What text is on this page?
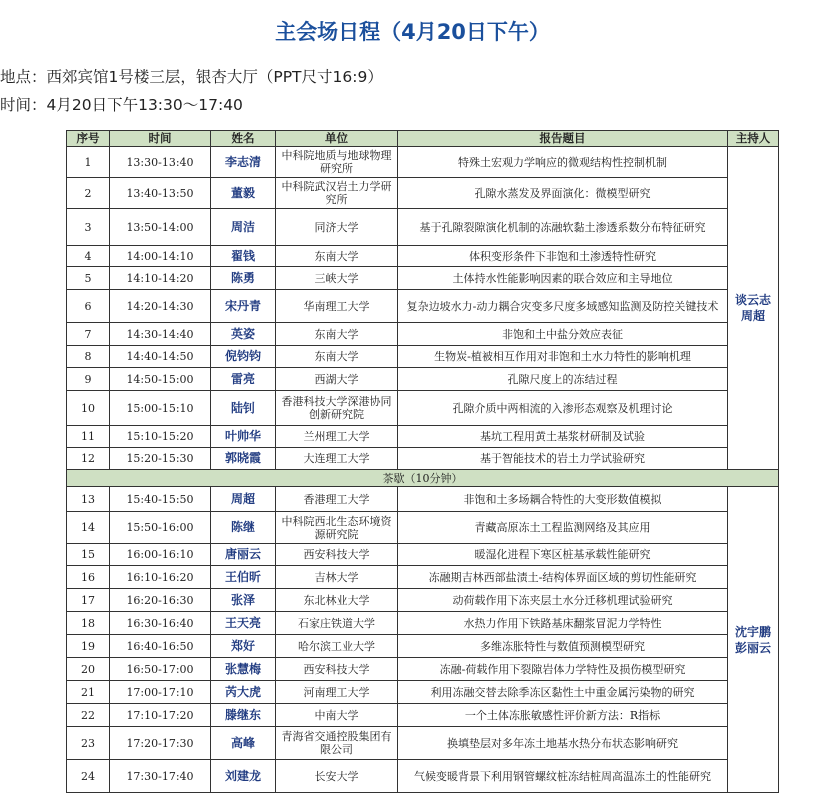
主会场日程（4月20日下午）
地点：西郊宾馆1号楼三层，银杏大厅（PPT尺寸16:9）
时间：4月20日下午13:30～17:40
序号	时间	姓名	单位	报告题目	主持人
1	13:30-13:40	李志清	中科院地质与地球物理研究所	特殊土宏观力学响应的微观结构性控制机制	谈云志 周超
2	13:40-13:50	董毅	中科院武汉岩土力学研究所	孔隙水蒸发及界面演化：微模型研究	
3	13:50-14:00	周洁	同济大学	基于孔隙裂隙演化机制的冻融软黏土渗透系数分布特征研究	
4	14:00-14:10	翟钱	东南大学	体积变形条件下非饱和土渗透特性研究	
5	14:10-14:20	陈勇	三峡大学	土体持水性能影响因素的联合效应和主导地位	
6	14:20-14:30	宋丹青	华南理工大学	复杂边坡水力-动力耦合灾变多尺度多域感知监测及防控关键技术	
7	14:30-14:40	英姿	东南大学	非饱和土中盐分效应表征	
8	14:40-14:50	倪钧钧	东南大学	生物炭-植被相互作用对非饱和土水力特性的影响机理	
9	14:50-15:00	雷亮	西湖大学	孔隙尺度上的冻结过程	
10	15:00-15:10	陆钊	香港科技大学深港协同创新研究院	孔隙介质中两相流的入渗形态观察及机理讨论	
11	15:10-15:20	叶帅华	兰州理工大学	基坑工程用黄土基浆材研制及试验	
12	15:20-15:30	郭晓霞	大连理工大学	基于智能技术的岩土力学试验研究	
茶歇（10分钟）					
13	15:40-15:50	周超	香港理工大学	非饱和土多场耦合特性的大变形数值模拟	沈宇鹏 彭丽云
14	15:50-16:00	陈继	中科院西北生态环境资源研究院	青藏高原冻土工程监测网络及其应用	
15	16:00-16:10	唐丽云	西安科技大学	暖湿化进程下寒区桩基承载性能研究	
16	16:10-16:20	王伯昕	吉林大学	冻融期吉林西部盐渍土-结构体界面区域的剪切性能研究	
17	16:20-16:30	张泽	东北林业大学	动荷载作用下冻夹层土水分迁移机理试验研究	
18	16:30-16:40	王天亮	石家庄铁道大学	水热力作用下铁路基床翻浆冒泥力学特性	
19	16:40-16:50	郑好	哈尔滨工业大学	多维冻胀特性与数值预测模型研究	
20	16:50-17:00	张慧梅	西安科技大学	冻融-荷载作用下裂隙岩体力学特性及损伤模型研究	
21	17:00-17:10	芮大虎	河南理工大学	利用冻融交替去除季冻区黏性土中重金属污染物的研究	
22	17:10-17:20	滕继东	中南大学	一个土体冻胀敏感性评价新方法：R指标	
23	17:20-17:30	高峰	青海省交通控股集团有限公司	换填垫层对多年冻土地基水热分布状态影响研究	
24	17:30-17:40	刘建龙	长安大学	气候变暖背景下利用钢管螺纹桩冻结桩周高温冻土的性能研究	
